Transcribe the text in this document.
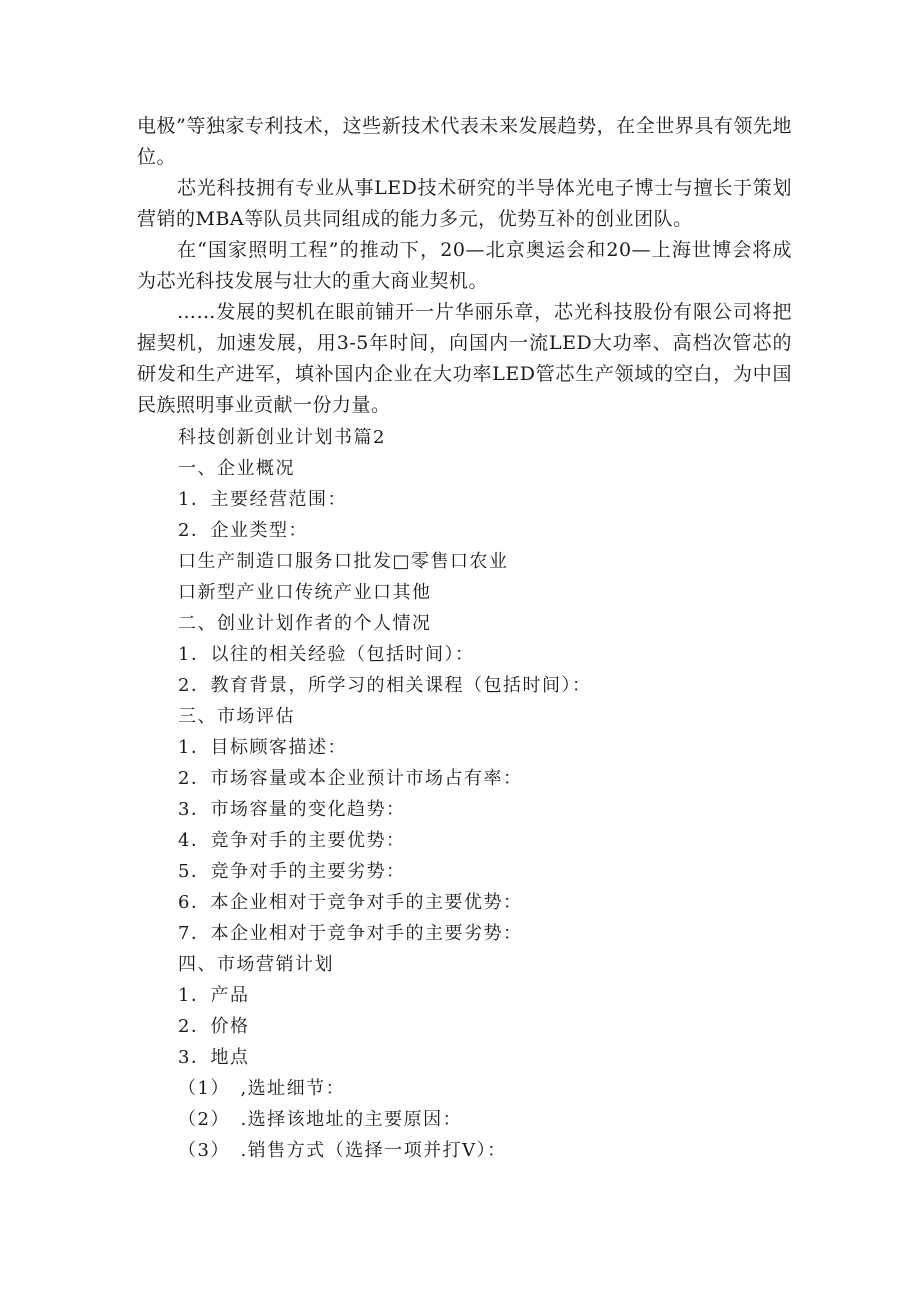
电极”等独家专利技术，这些新技术代表未来发展趋势，在全世界具有领先地位。

芯光科技拥有专业从事LED技术研究的半导体光电子博士与擅长于策划营销的MBA等队员共同组成的能力多元，优势互补的创业团队。

在“国家照明工程”的推动下，20—北京奥运会和20—上海世博会将成为芯光科技发展与壮大的重大商业契机。

……发展的契机在眼前铺开一片华丽乐章，芯光科技股份有限公司将把握契机，加速发展，用3-5年时间，向国内一流LED大功率、高档次管芯的研发和生产进军，填补国内企业在大功率LED管芯生产领域的空白，为中国民族照明事业贡献一份力量。

科技创新创业计划书篇2

一、企业概况

1．主要经营范围：

2．企业类型：

口生产制造口服务口批发□零售口农业

口新型产业口传统产业口其他

二、创业计划作者的个人情况

1．以往的相关经验（包括时间）：

2．教育背景，所学习的相关课程（包括时间）：

三、市场评估

1．目标顾客描述：

2．市场容量或本企业预计市场占有率：

3．市场容量的变化趋势：

4．竞争对手的主要优势：

5．竞争对手的主要劣势：

6．本企业相对于竞争对手的主要优势：

7．本企业相对于竞争对手的主要劣势：

四、市场营销计划

1．产品

2．价格

3．地点

（1）　,选址细节：

（2）　.选择该地址的主要原因：

（3）　.销售方式（选择一项并打V）：
